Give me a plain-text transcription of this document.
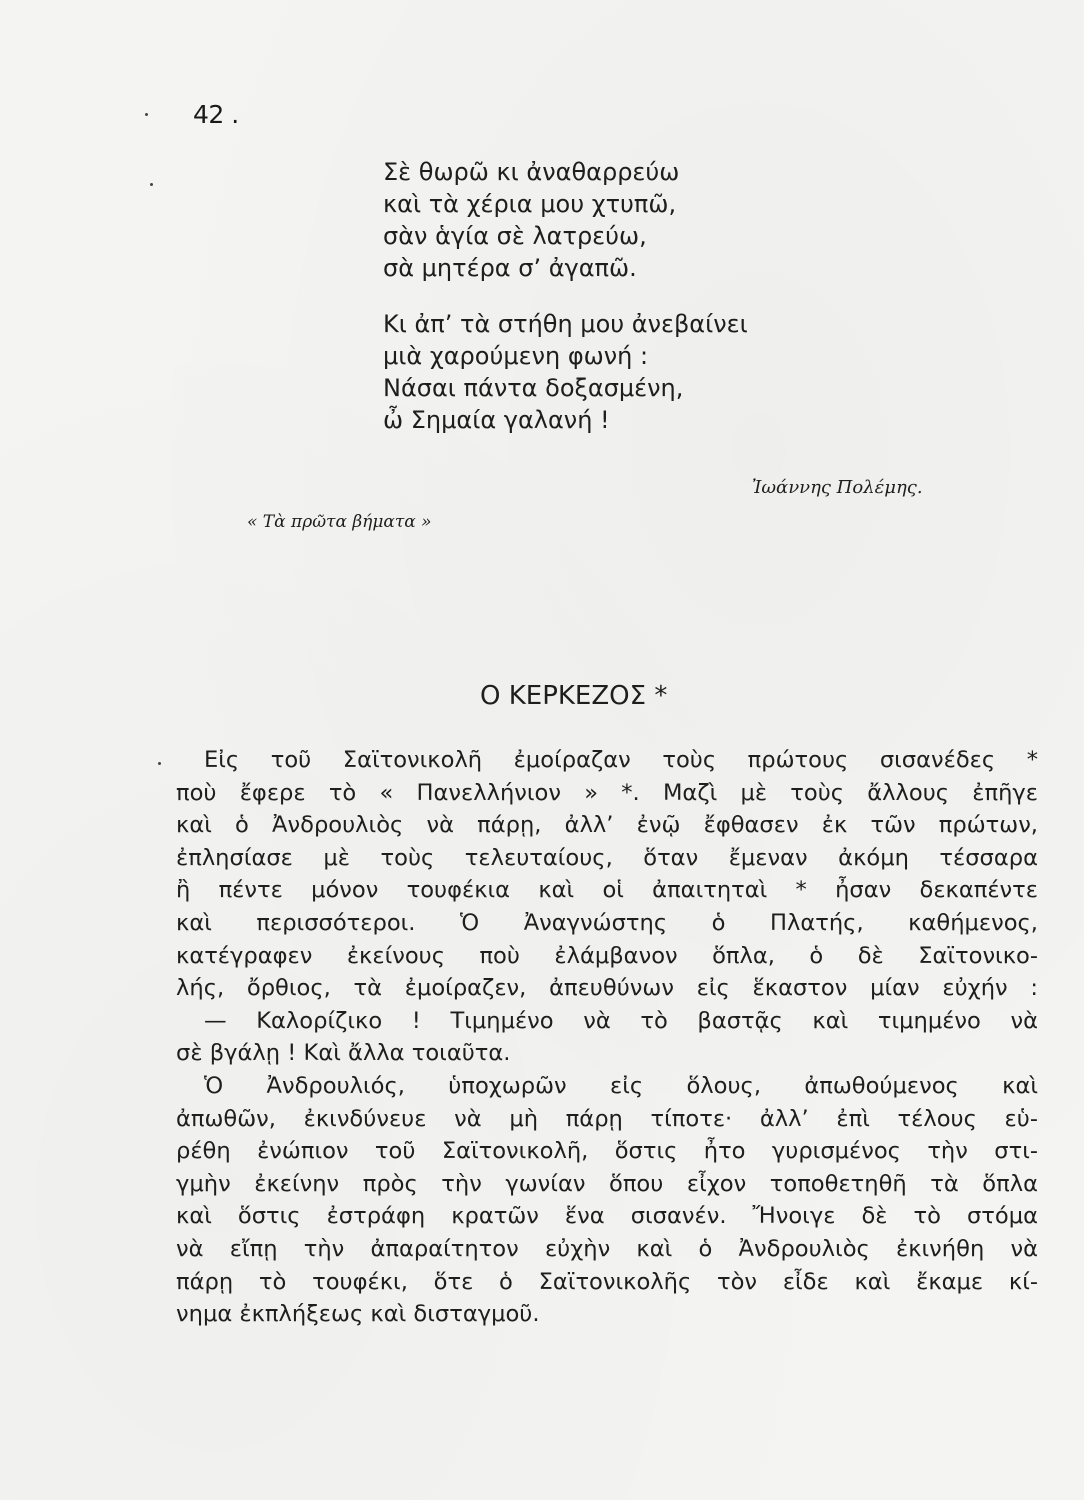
42 .
Σὲ θωρῶ κι ἀναθαρρεύω
καὶ τὰ χέρια μου χτυπῶ,
σὰν ἁγία σὲ λατρεύω,
σὰ μητέρα σ’ ἀγαπῶ.
Κι ἀπ’ τὰ στήθη μου ἀνεβαίνει
μιὰ χαρούμενη φωνή :
Νάσαι πάντα δοξασμένη,
ὦ Σημαία γαλανή !
Ἰωάννης Πολέμης.
« Τὰ πρῶτα βήματα »
Ο ΚΕΡΚΕΖΟΣ *
Εἰς τοῦ Σαϊτονικολῆ ἐμοίραζαν τοὺς πρώτους σισανέδες *
ποὺ ἔφερε τὸ « Πανελλήνιον » *. Μαζὶ μὲ τοὺς ἄλλους ἐπῆγε
καὶ ὁ Ἀνδρουλιὸς νὰ πάρῃ, ἀλλ’ ἐνῷ ἔφθασεν ἐκ τῶν πρώτων,
ἐπλησίασε μὲ τοὺς τελευταίους, ὅταν ἔμεναν ἀκόμη τέσσαρα
ἢ πέντε μόνον τουφέκια καὶ οἱ ἀπαιτηταὶ * ἦσαν δεκαπέντε
καὶ περισσότεροι. Ὁ Ἀναγνώστης ὁ Πλατής, καθήμενος,
κατέγραφεν ἐκείνους ποὺ ἐλάμβανον ὅπλα, ὁ δὲ Σαϊτονικο-
λής, ὄρθιος, τὰ ἐμοίραζεν, ἀπευθύνων εἰς ἕκαστον μίαν εὐχήν :
— Καλορίζικο ! Τιμημένο νὰ τὸ βαστᾷς καὶ τιμημένο νὰ
σὲ βγάλῃ ! Καὶ ἄλλα τοιαῦτα.
Ὁ Ἀνδρουλιός, ὑποχωρῶν εἰς ὅλους, ἀπωθούμενος καὶ
ἀπωθῶν, ἐκινδύνευε νὰ μὴ πάρῃ τίποτε· ἀλλ’ ἐπὶ τέλους εὑ-
ρέθη ἐνώπιον τοῦ Σαϊτονικολῆ, ὅστις ἦτο γυρισμένος τὴν στι-
γμὴν ἐκείνην πρὸς τὴν γωνίαν ὅπου εἶχον τοποθετηθῆ τὰ ὅπλα
καὶ ὅστις ἐστράφη κρατῶν ἕνα σισανέν. Ἤνοιγε δὲ τὸ στόμα
νὰ εἴπῃ τὴν ἀπαραίτητον εὐχὴν καὶ ὁ Ἀνδρουλιὸς ἐκινήθη νὰ
πάρῃ τὸ τουφέκι, ὅτε ὁ Σαϊτονικολῆς τὸν εἶδε καὶ ἔκαμε κί-
νημα ἐκπλήξεως καὶ δισταγμοῦ.
